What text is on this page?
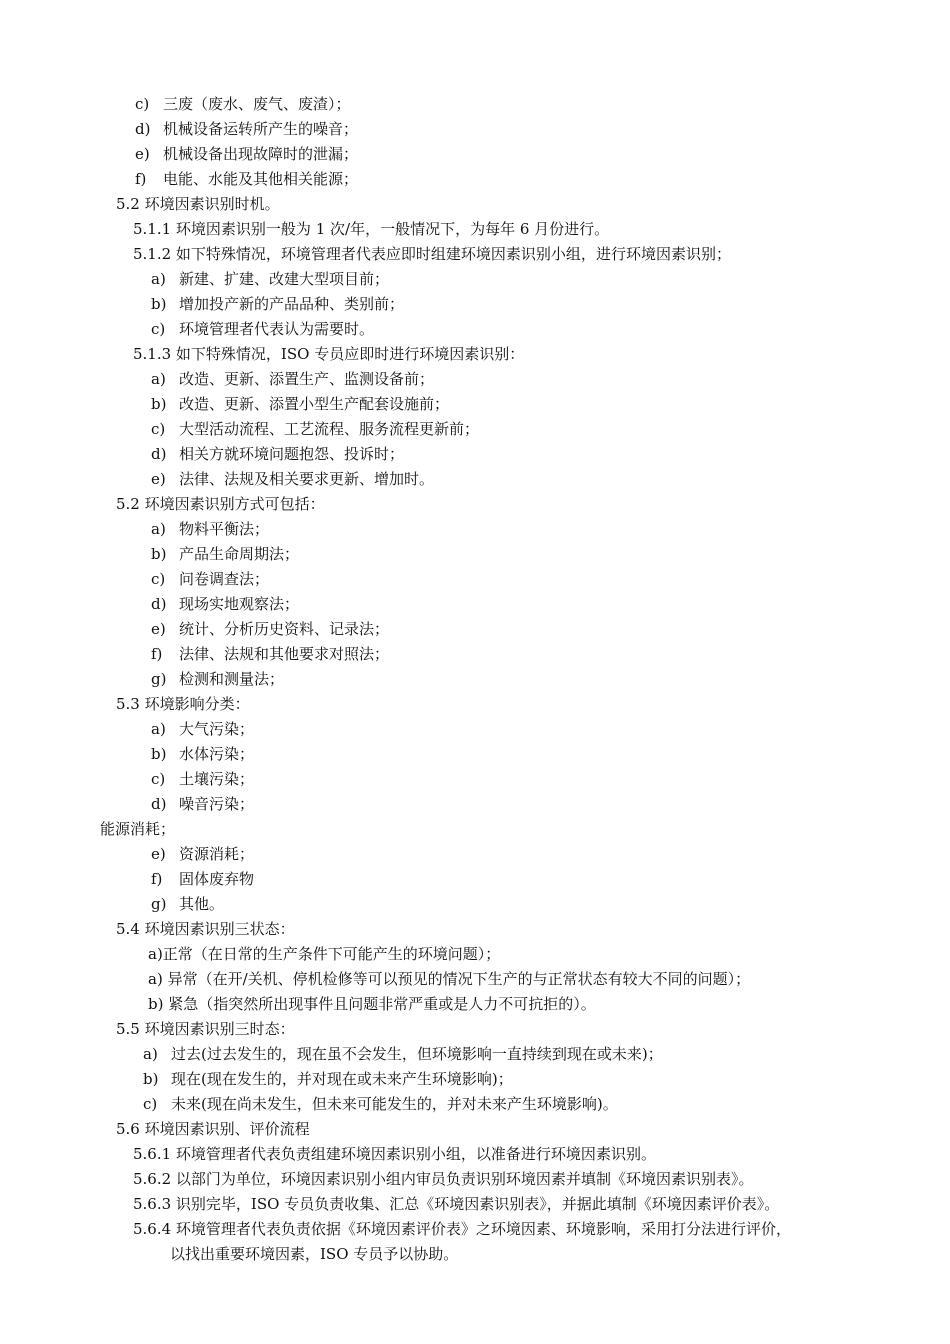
c) 三废（废水、废气、废渣）；
d) 机械设备运转所产生的噪音；
e) 机械设备出现故障时的泄漏；
f) 电能、水能及其他相关能源；
5.2 环境因素识别时机。
5.1.1 环境因素识别一般为 1 次/年，一般情况下，为每年 6 月份进行。
5.1.2 如下特殊情况，环境管理者代表应即时组建环境因素识别小组，进行环境因素识别；
a) 新建、扩建、改建大型项目前；
b) 增加投产新的产品品种、类别前；
c) 环境管理者代表认为需要时。
5.1.3 如下特殊情况，ISO 专员应即时进行环境因素识别：
a) 改造、更新、添置生产、监测设备前；
b) 改造、更新、添置小型生产配套设施前；
c) 大型活动流程、工艺流程、服务流程更新前；
d) 相关方就环境问题抱怨、投诉时；
e) 法律、法规及相关要求更新、增加时。
5.2 环境因素识别方式可包括：
a) 物料平衡法；
b) 产品生命周期法；
c) 问卷调查法；
d) 现场实地观察法；
e) 统计、分析历史资料、记录法；
f) 法律、法规和其他要求对照法；
g) 检测和测量法；
5.3 环境影响分类：
a) 大气污染；
b) 水体污染；
c) 土壤污染；
d) 噪音污染；
能源消耗；
e) 资源消耗；
f) 固体废弃物
g) 其他。
5.4 环境因素识别三状态：
a)正常（在日常的生产条件下可能产生的环境问题）；
a) 异常（在开/关机、停机检修等可以预见的情况下生产的与正常状态有较大不同的问题）；
b) 紧急（指突然所出现事件且问题非常严重或是人力不可抗拒的）。
5.5 环境因素识别三时态：
a) 过去(过去发生的，现在虽不会发生，但环境影响一直持续到现在或未来)；
b) 现在(现在发生的，并对现在或未来产生环境影响)；
c) 未来(现在尚未发生，但未来可能发生的，并对未来产生环境影响)。
5.6 环境因素识别、评价流程
5.6.1 环境管理者代表负责组建环境因素识别小组，以准备进行环境因素识别。
5.6.2 以部门为单位，环境因素识别小组内审员负责识别环境因素并填制《环境因素识别表》。
5.6.3 识别完毕，ISO 专员负责收集、汇总《环境因素识别表》，并据此填制《环境因素评价表》。
5.6.4 环境管理者代表负责依据《环境因素评价表》之环境因素、环境影响，采用打分法进行评价，
以找出重要环境因素，ISO 专员予以协助。
